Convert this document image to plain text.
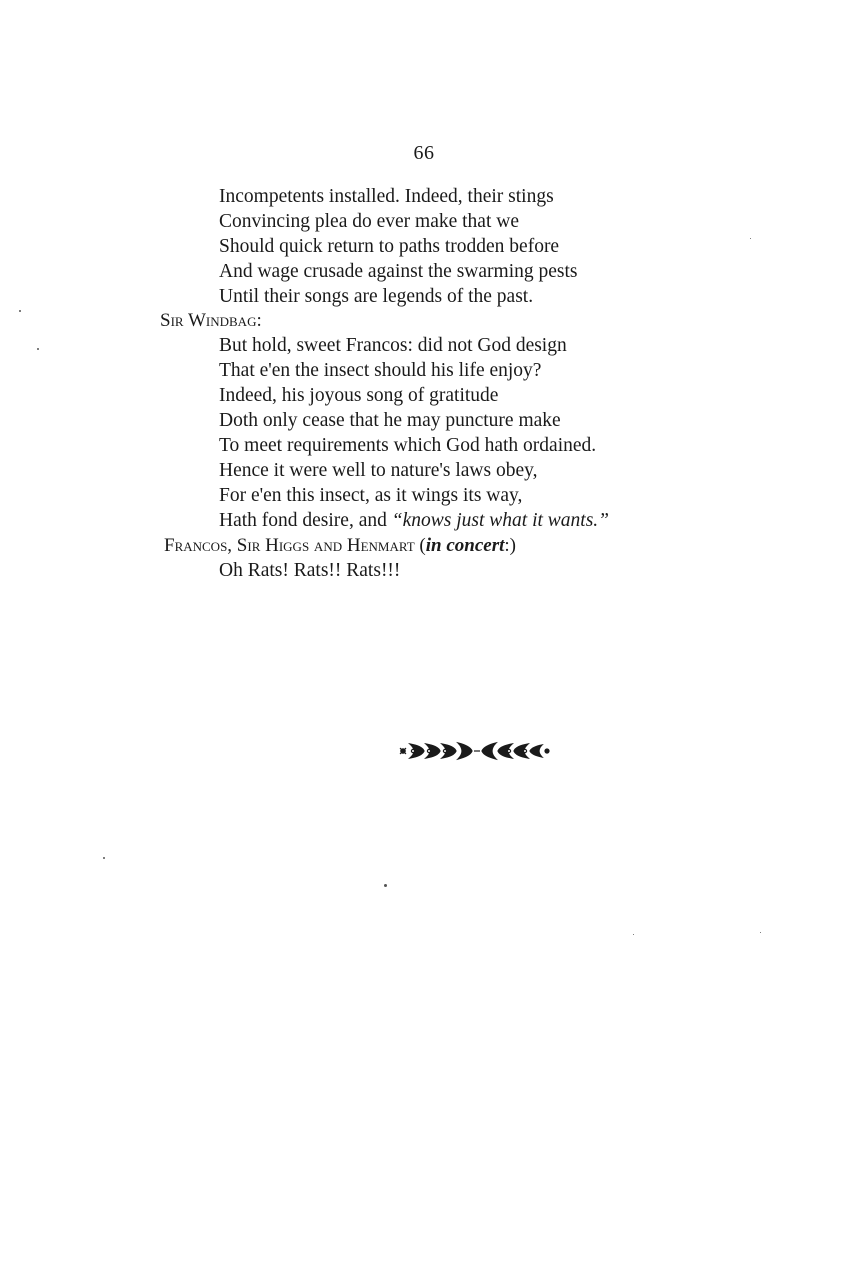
66
Incompetents installed. Indeed, their stings
Convincing plea do ever make that we
Should quick return to paths trodden before
And wage crusade against the swarming pests
Until their songs are legends of the past.
Sir Windbag:
But hold, sweet Francos: did not God design
That e'en the insect should his life enjoy?
Indeed, his joyous song of gratitude
Doth only cease that he may puncture make
To meet requirements which God hath ordained.
Hence it were well to nature's laws obey,
For e'en this insect, as it wings its way,
Hath fond desire, and “knows just what it wants.”
Francos, Sir Higgs and Henmart (in concert:)
Oh Rats! Rats!! Rats!!!
